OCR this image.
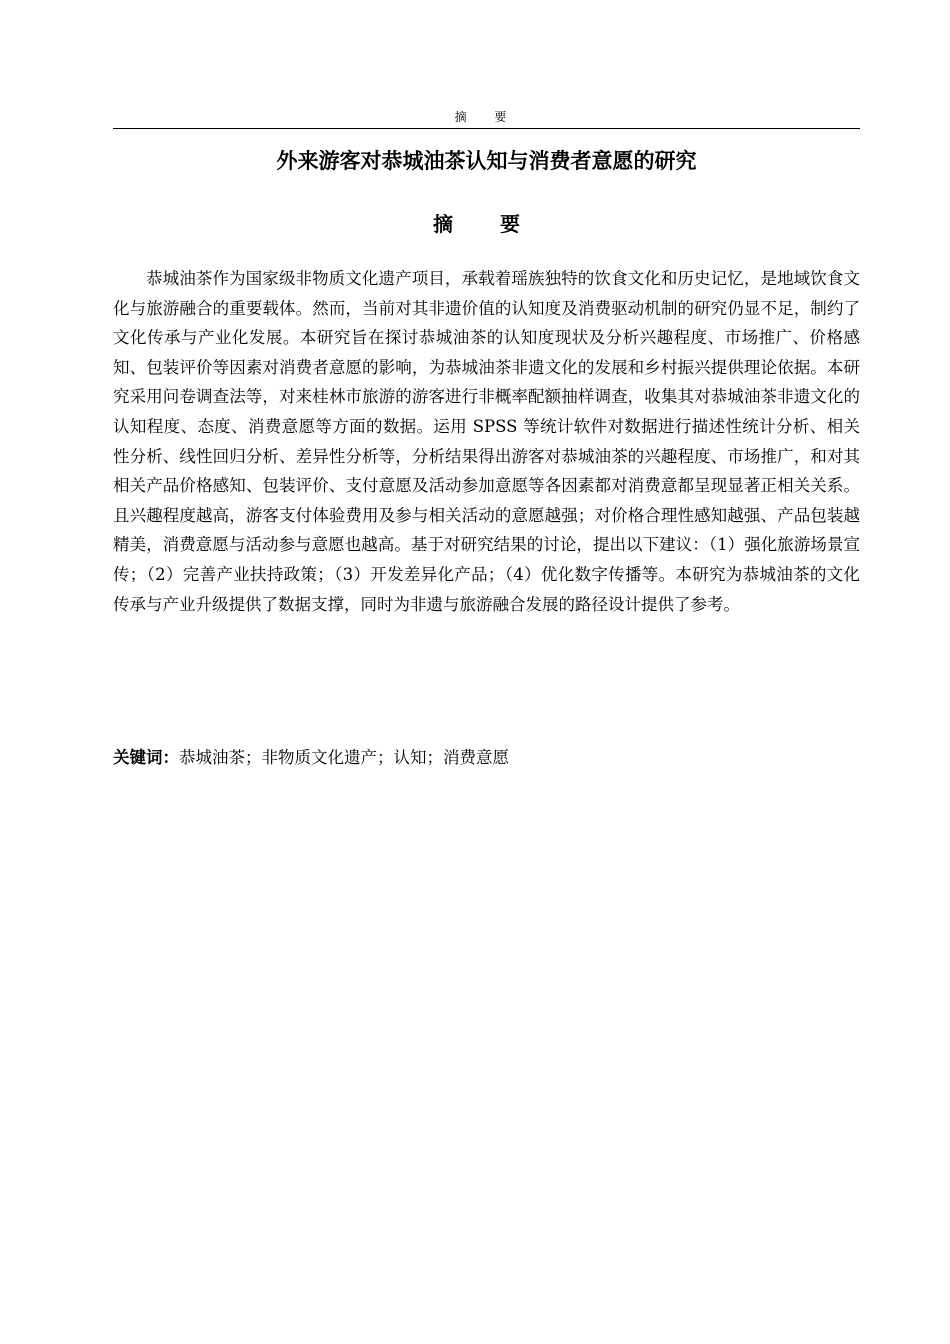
摘 要
外来游客对恭城油茶认知与消费者意愿的研究
摘 要

恭城油茶作为国家级非物质文化遗产项目，承载着瑶族独特的饮食文化和历史记忆，是地域饮食文化与旅游融合的重要载体。然而，当前对其非遗价值的认知度及消费驱动机制的研究仍显不足，制约了文化传承与产业化发展。本研究旨在探讨恭城油茶的认知度现状及分析兴趣程度、市场推广、价格感知、包装评价等因素对消费者意愿的影响，为恭城油茶非遗文化的发展和乡村振兴提供理论依据。本研究采用问卷调查法等，对来桂林市旅游的游客进行非概率配额抽样调查，收集其对恭城油茶非遗文化的认知程度、态度、消费意愿等方面的数据。运用 SPSS 等统计软件对数据进行描述性统计分析、相关性分析、线性回归分析、差异性分析等，分析结果得出游客对恭城油茶的兴趣程度、市场推广，和对其相关产品价格感知、包装评价、支付意愿及活动参加意愿等各因素都对消费意都呈现显著正相关关系。且兴趣程度越高，游客支付体验费用及参与相关活动的意愿越强；对价格合理性感知越强、产品包装越精美，消费意愿与活动参与意愿也越高。基于对研究结果的讨论，提出以下建议：（1）强化旅游场景宣传；（2）完善产业扶持政策；（3）开发差异化产品；（4）优化数字传播等。本研究为恭城油茶的文化传承与产业升级提供了数据支撑，同时为非遗与旅游融合发展的路径设计提供了参考。

关键词：恭城油茶；非物质文化遗产；认知；消费意愿
